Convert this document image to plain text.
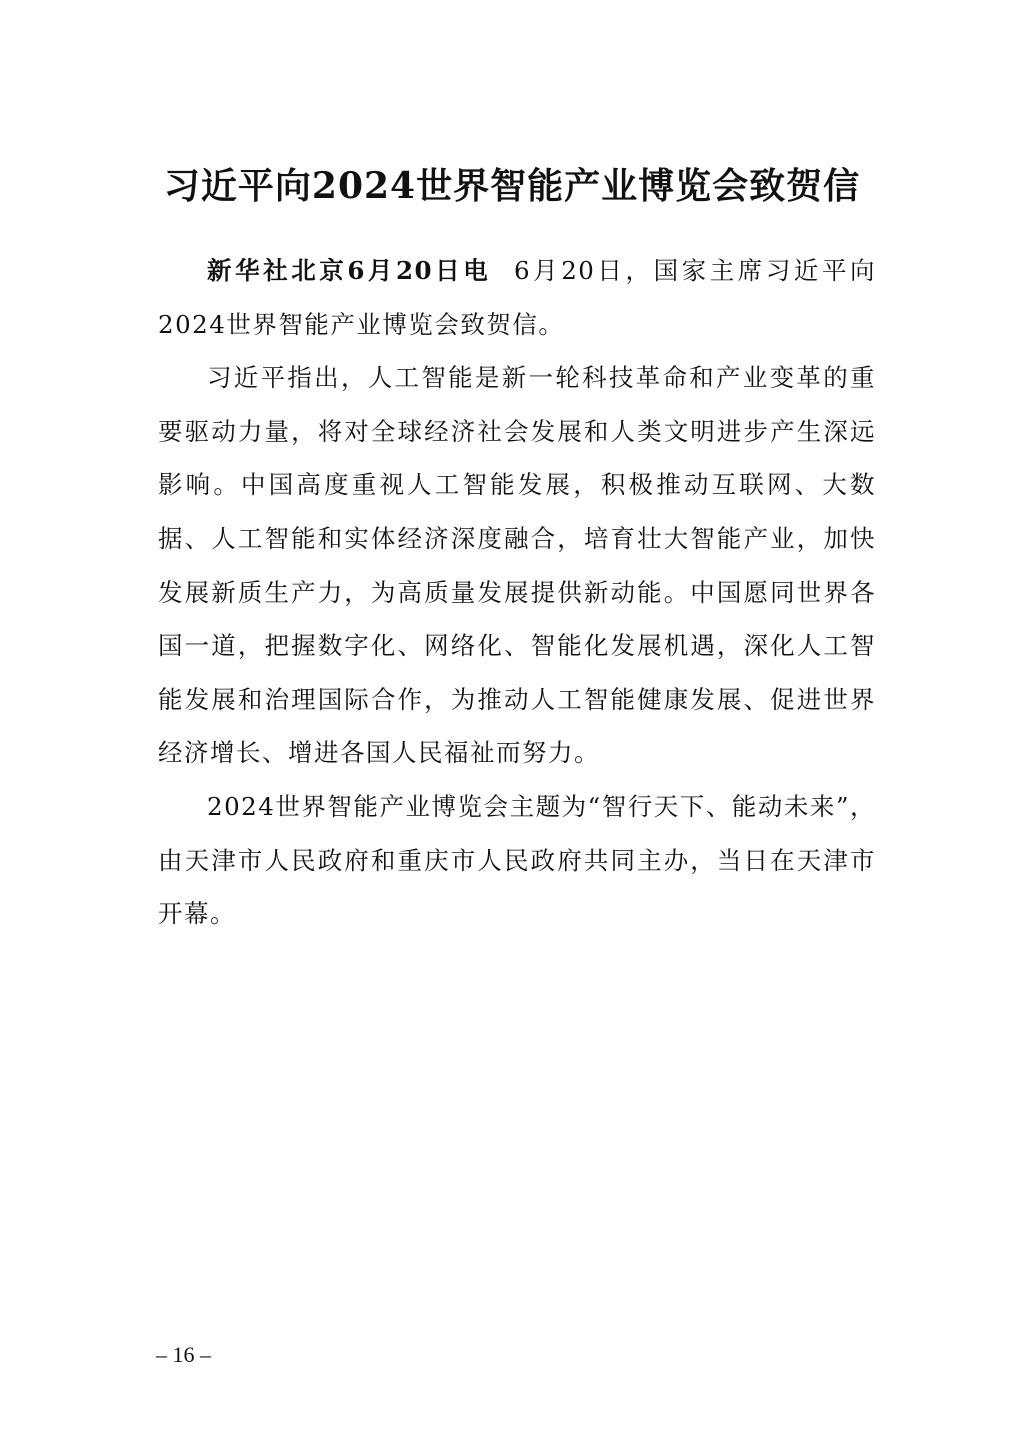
习近平向2024世界智能产业博览会致贺信

新华社北京6月20日电 6月20日，国家主席习近平向2024世界智能产业博览会致贺信。

习近平指出，人工智能是新一轮科技革命和产业变革的重要驱动力量，将对全球经济社会发展和人类文明进步产生深远影响。中国高度重视人工智能发展，积极推动互联网、大数据、人工智能和实体经济深度融合，培育壮大智能产业，加快发展新质生产力，为高质量发展提供新动能。中国愿同世界各国一道，把握数字化、网络化、智能化发展机遇，深化人工智能发展和治理国际合作，为推动人工智能健康发展、促进世界经济增长、增进各国人民福祉而努力。

2024世界智能产业博览会主题为“智行天下、能动未来”，由天津市人民政府和重庆市人民政府共同主办，当日在天津市开幕。

– 16 –
